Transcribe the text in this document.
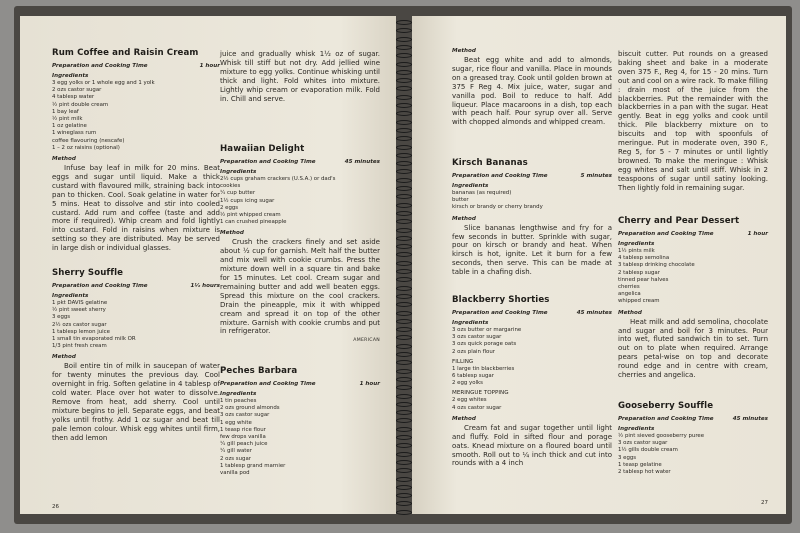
Rum Coffee and Raisin Cream
Preparation and Cooking Time	1 hour
Ingredients
3 egg yolks or 1 whole egg and 1 yolk
2 ozs castor sugar
4 tablesp water
½ pint double cream
1 bay leaf
½ pint milk
1 oz gelatine
1 wineglass rum
coffee flavouring (nescafe)
1 – 2 oz raisins (optional)
Method

Infuse bay leaf in milk for 20 mins. Beat eggs and sugar until liquid. Make a thick custard with flavoured milk, straining back into pan to thicken. Cool. Soak gelatine in water for 5 mins. Heat to dissolve and stir into cooled custard. Add rum and coffee (taste and add more if required). Whip cream and fold lightly into custard. Fold in raisins when mixture is setting so they are distributed. May be served in large dish or individual glasses.

Sherry Souffle
Preparation and Cooking Time	1½ hours
Ingredients
1 pkt DAVIS gelatine
½ pint sweet sherry
3 eggs
2½ ozs castor sugar
1 tablesp lemon juice
1 small tin evaporated milk OR
1/3 pint fresh cream
Method

Boil entire tin of milk in saucepan of water for twenty minutes the previous day. Cool overnight in frig. Soften gelatine in 4 tablesp of cold water. Place over hot water to dissolve. Remove from heat, add sherry. Cool until mixture begins to jell. Separate eggs, and beat yolks until frothy. Add 1 oz sugar and beat till pale lemon colour. Whisk egg whites until firm, then add lemon

26

juice and gradually whisk 1½ oz of sugar. Whisk till stiff but not dry. Add jellied wine mixture to egg yolks. Continue whisking until thick and light. Fold whites into mixture. Lightly whip cream or evaporation milk. Fold in. Chill and serve.

Hawaiian Delight
Preparation and Cooking Time	45 minutes
Ingredients
2½ cups graham crackers (U.S.A.) or dad's
cookies
¼ cup butter
1½ cups icing sugar
2 eggs
½ pint whipped cream
1 can crushed pineapple
Method

Crush the crackers finely and set aside about ½ cup for garnish. Melt half the butter and mix well with cookie crumbs. Press the mixture down well in a square tin and bake for 15 minutes. Let cool. Cream sugar and remaining butter and add well beaten eggs. Spread this mixture on the cool crackers. Drain the pineapple, mix it with whipped cream and spread it on top of the other mixture. Garnish with cookie crumbs and put in refrigerator.

AMERICAN
Peches Barbara
Preparation and Cooking Time	1 hour
Ingredients
1 tin peaches
2 ozs ground almonds
3 ozs castor sugar
1 egg white
1 teasp rice flour
few drops vanilla
¼ gill peach juice
¼ gill water
2 ozs sugar
1 tablesp grand marnier
vanilla pod
Method

Beat egg white and add to almonds, sugar, rice flour and vanilla. Place in mounds on a greased tray. Cook until golden brown at 375 F Reg 4. Mix juice, water, sugar and vanilla pod. Boil to reduce to half. Add liqueur. Place macaroons in a dish, top each with peach half. Pour syrup over all. Serve with chopped almonds and whipped cream.

Kirsch Bananas
Preparation and Cooking Time	5 minutes
Ingredients
bananas (as required)
butter
kirsch or brandy or cherry brandy
Method

Slice bananas lengthwise and fry for a few seconds in butter. Sprinkle with sugar, pour on kirsch or brandy and heat. When kirsch is hot, ignite. Let it burn for a few seconds, then serve. This can be made at table in a chafing dish.

Blackberry Shorties
Preparation and Cooking Time	45 minutes
Ingredients
3 ozs butter or margarine
3 ozs castor sugar
3 ozs quick porage oats
2 ozs plain flour
FILLING
1 large tin blackberries
6 tablesp sugar
2 egg yolks
MERINGUE TOPPING
2 egg whites
4 ozs castor sugar
Method

Cream fat and sugar together until light and fluffy. Fold in sifted flour and porage oats. Knead mixture on a floured board until smooth. Roll out to ¼ inch thick and cut into rounds with a 4 inch

biscuit cutter. Put rounds on a greased baking sheet and bake in a moderate oven 375 F., Reg 4, for 15 - 20 mins. Turn out and cool on a wire rack. To make filling : drain most of the juice from the blackberries. Put the remainder with the blackberries in a pan with the sugar. Heat gently. Beat in egg yolks and cook until thick. Pile blackberry mixture on to biscuits and top with spoonfuls of meringue. Put in moderate oven, 390 F., Reg 5, for 5 - 7 minutes or until lightly browned. To make the meringue : Whisk egg whites and salt until stiff. Whisk in 2 teaspoons of sugar until satiny looking. Then lightly fold in remaining sugar.

Cherry and Pear Dessert
Preparation and Cooking Time	1 hour
Ingredients
1½ pints milk
4 tablesp semolina
3 tablesp drinking chocolate
2 tablesp sugar
tinned pear halves
cherries
angelica
whipped cream
Method

Heat milk and add semolina, chocolate and sugar and boil for 3 minutes. Pour into wet, fluted sandwich tin to set. Turn out on to plate when required. Arrange pears petal-wise on top and decorate round edge and in centre with cream, cherries and angelica.

Gooseberry Souffle
Preparation and Cooking Time	45 minutes
Ingredients
½ pint sieved gooseberry puree
3 ozs castor sugar
1½ gills double cream
3 eggs
1 teasp gelatine
2 tablesp hot water
27
